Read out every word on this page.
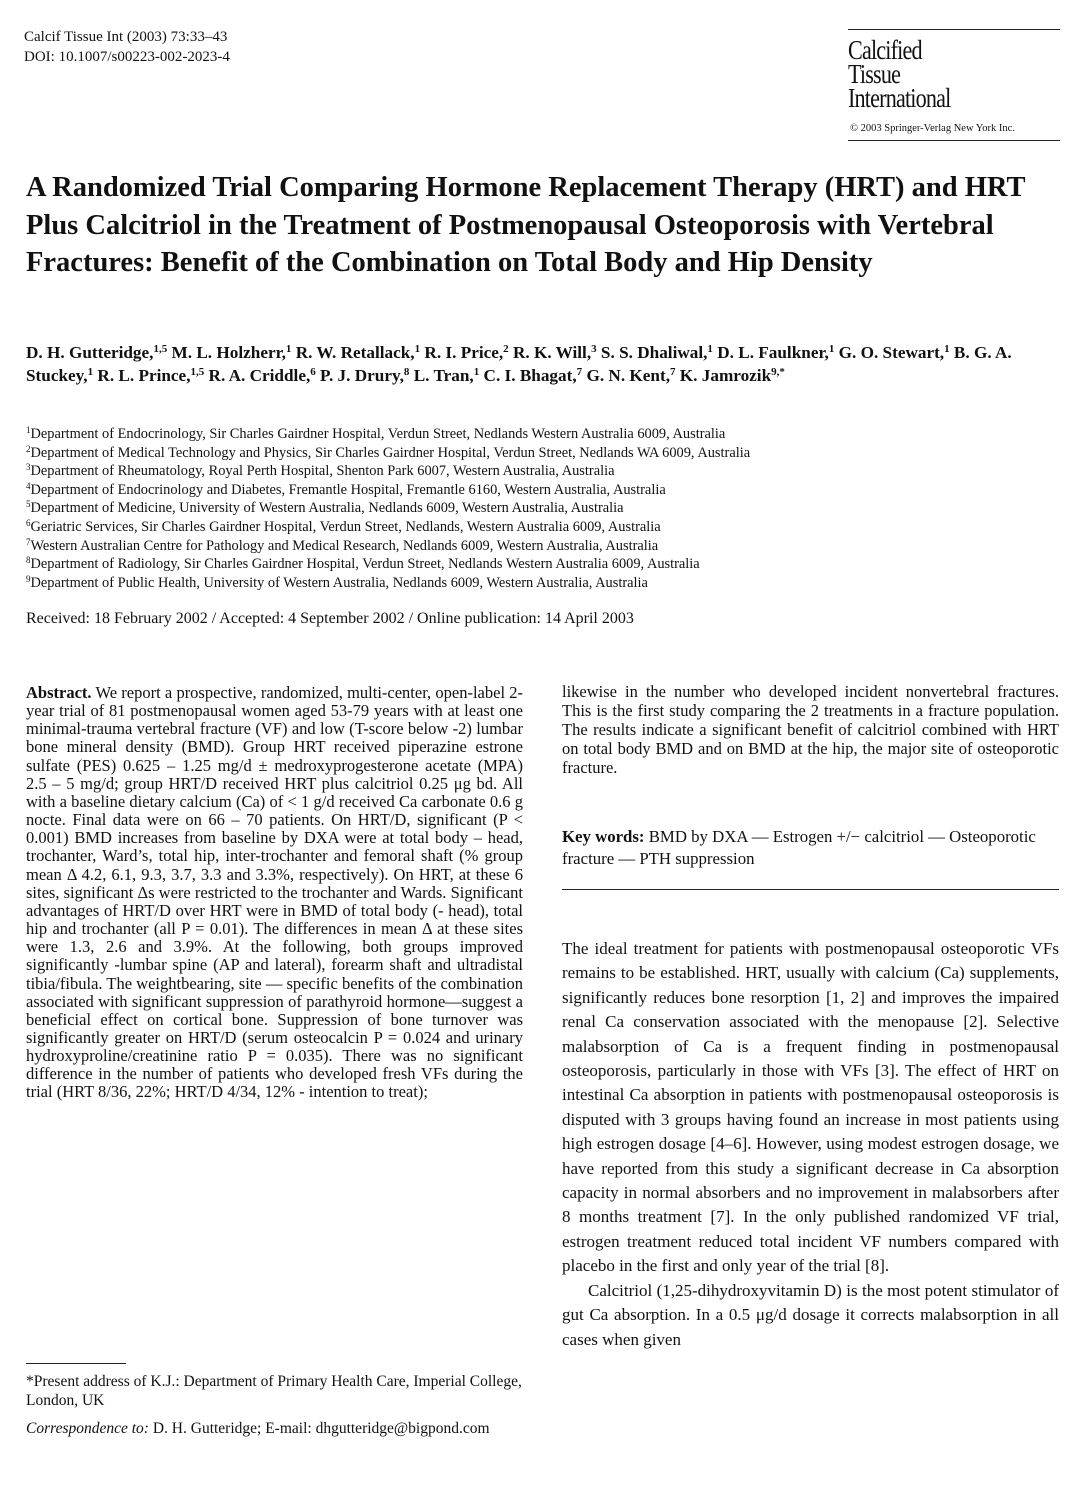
Calcif Tissue Int (2003) 73:33–43
DOI: 10.1007/s00223-002-2023-4	Calcified
Tissue
International
© 2003 Springer-Verlag New York Inc.
A Randomized Trial Comparing Hormone Replacement Therapy (HRT) and HRT Plus Calcitriol in the Treatment of Postmenopausal Osteoporosis with Vertebral Fractures: Benefit of the Combination on Total Body and Hip Density
D. H. Gutteridge,$^{1,5}$ M. L. Holzherr,$^1$ R. W. Retallack,$^1$ R. I. Price,$^2$ R. K. Will,$^3$ S. S. Dhaliwal,$^1$ D. L. Faulkner,$^1$ G. O. Stewart,$^1$ B. G. A. Stuckey,$^1$ R. L. Prince,$^{1,5}$ R. A. Criddle,$^6$ P. J. Drury,$^8$ L. Tran,$^1$ C. I. Bhagat,$^7$ G. N. Kent,$^7$ K. Jamrozik$^{9,*}$
$^1$Department of Endocrinology, Sir Charles Gairdner Hospital, Verdun Street, Nedlands Western Australia 6009, Australia
$^2$Department of Medical Technology and Physics, Sir Charles Gairdner Hospital, Verdun Street, Nedlands WA 6009, Australia
$^3$Department of Rheumatology, Royal Perth Hospital, Shenton Park 6007, Western Australia, Australia
$^4$Department of Endocrinology and Diabetes, Fremantle Hospital, Fremantle 6160, Western Australia, Australia
$^5$Department of Medicine, University of Western Australia, Nedlands 6009, Western Australia, Australia
$^6$Geriatric Services, Sir Charles Gairdner Hospital, Verdun Street, Nedlands, Western Australia 6009, Australia
$^7$Western Australian Centre for Pathology and Medical Research, Nedlands 6009, Western Australia, Australia
$^8$Department of Radiology, Sir Charles Gairdner Hospital, Verdun Street, Nedlands Western Australia 6009, Australia
$^9$Department of Public Health, University of Western Australia, Nedlands 6009, Western Australia, Australia
Received: 18 February 2002 / Accepted: 4 September 2002 / Online publication: 14 April 2003

Abstract. We report a prospective, randomized, multi-center, open-label 2-year trial of 81 postmenopausal women aged 53-79 years with at least one minimal-trauma vertebral fracture (VF) and low (T-score below -2) lumbar bone mineral density (BMD). Group HRT received piperazine estrone sulfate (PES) 0.625 – 1.25 mg/d ± medroxyprogesterone acetate (MPA) 2.5 – 5 mg/d; group HRT/D received HRT plus calcitriol 0.25 μg bd. All with a baseline dietary calcium (Ca) of < 1 g/d received Ca carbonate 0.6 g nocte. Final data were on 66 – 70 patients. On HRT/D, significant (P < 0.001) BMD increases from baseline by DXA were at total body – head, trochanter, Ward’s, total hip, inter-trochanter and femoral shaft (% group mean Δ 4.2, 6.1, 9.3, 3.7, 3.3 and 3.3%, respectively). On HRT, at these 6 sites, significant Δs were restricted to the trochanter and Wards. Significant advantages of HRT/D over HRT were in BMD of total body (- head), total hip and trochanter (all P = 0.01). The differences in mean Δ at these sites were 1.3, 2.6 and 3.9%. At the following, both groups improved significantly -lumbar spine (AP and lateral), forearm shaft and ultradistal tibia/fibula. The weightbearing, site — specific benefits of the combination associated with significant suppression of parathyroid hormone—suggest a beneficial effect on cortical bone. Suppression of bone turnover was significantly greater on HRT/D (serum osteocalcin P = 0.024 and urinary hydroxyproline/creatinine ratio P = 0.035). There was no significant difference in the number of patients who developed fresh VFs during the trial (HRT 8/36, 22%; HRT/D 4/34, 12% - intention to treat);

likewise in the number who developed incident nonvertebral fractures. This is the first study comparing the 2 treatments in a fracture population. The results indicate a significant benefit of calcitriol combined with HRT on total body BMD and on BMD at the hip, the major site of osteoporotic fracture.

Key words: BMD by DXA — Estrogen +/− calcitriol — Osteoporotic fracture — PTH suppression

The ideal treatment for patients with postmenopausal osteoporotic VFs remains to be established. HRT, usually with calcium (Ca) supplements, significantly reduces bone resorption [1, 2] and improves the impaired renal Ca conservation associated with the menopause [2]. Selective malabsorption of Ca is a frequent finding in postmenopausal osteoporosis, particularly in those with VFs [3]. The effect of HRT on intestinal Ca absorption in patients with postmenopausal osteoporosis is disputed with 3 groups having found an increase in most patients using high estrogen dosage [4–6]. However, using modest estrogen dosage, we have reported from this study a significant decrease in Ca absorption capacity in normal absorbers and no improvement in malabsorbers after 8 months treatment [7]. In the only published randomized VF trial, estrogen treatment reduced total incident VF numbers compared with placebo in the first and only year of the trial [8].

Calcitriol (1,25-dihydroxyvitamin D) is the most potent stimulator of gut Ca absorption. In a 0.5 μg/d dosage it corrects malabsorption in all cases when given

*Present address of K.J.: Department of Primary Health Care, Imperial College, London, UK

Correspondence to: D. H. Gutteridge; E-mail: dhgutteridge@bigpond.com
